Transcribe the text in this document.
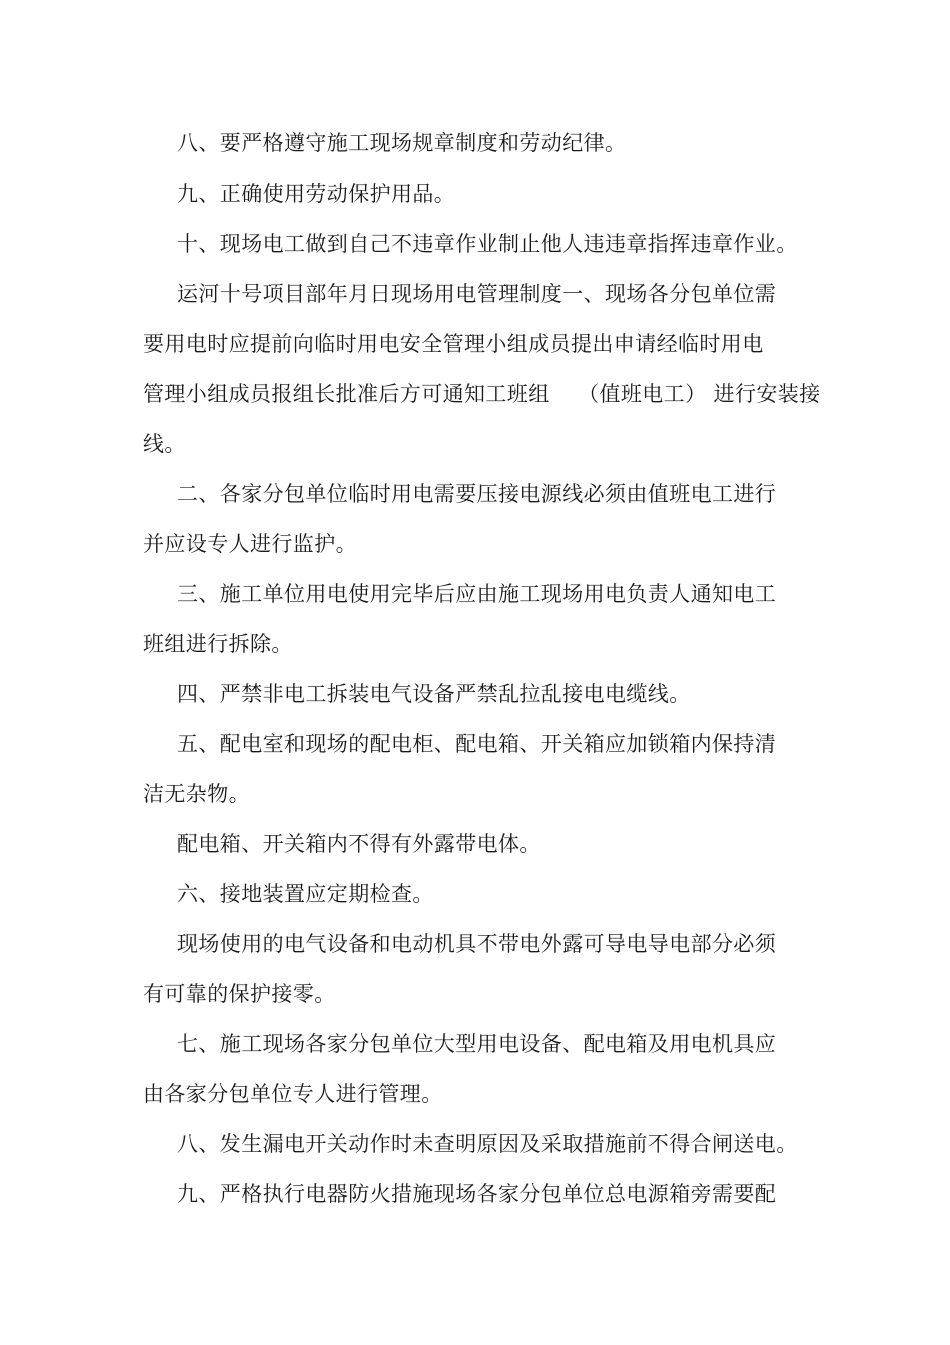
八、要严格遵守施工现场规章制度和劳动纪律。
九、正确使用劳动保护用品。
十、现场电工做到自己不违章作业制止他人违违章指挥违章作业。
运河十号项目部年月日现场用电管理制度一、现场各分包单位需
要用电时应提前向临时用电安全管理小组成员提出申请经临时用电
管理小组成员报组长批准后方可通知工班组　 （值班电工） 进行安装接
线。
二、各家分包单位临时用电需要压接电源线必须由值班电工进行
并应设专人进行监护。
三、施工单位用电使用完毕后应由施工现场用电负责人通知电工
班组进行拆除。
四、严禁非电工拆装电气设备严禁乱拉乱接电电缆线。
五、配电室和现场的配电柜、配电箱、开关箱应加锁箱内保持清
洁无杂物。
配电箱、开关箱内不得有外露带电体。
六、接地装置应定期检查。
现场使用的电气设备和电动机具不带电外露可导电导电部分必须
有可靠的保护接零。
七、施工现场各家分包单位大型用电设备、配电箱及用电机具应
由各家分包单位专人进行管理。
八、发生漏电开关动作时未查明原因及采取措施前不得合闸送电。
九、严格执行电器防火措施现场各家分包单位总电源箱旁需要配
